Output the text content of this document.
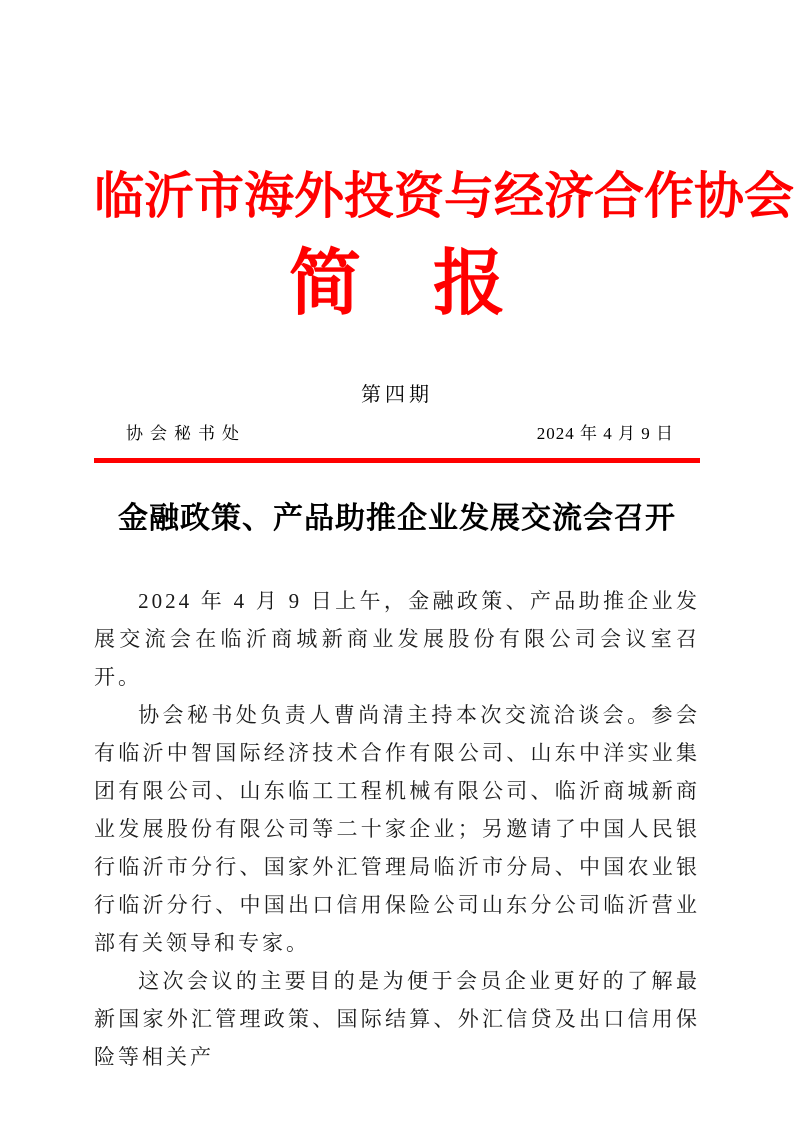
临沂市海外投资与经济合作协会
简　报
第四期
协会秘书处	2024 年 4 月 9 日
金融政策、产品助推企业发展交流会召开

2024 年 4 月 9 日上午，金融政策、产品助推企业发展交流会在临沂商城新商业发展股份有限公司会议室召开。

协会秘书处负责人曹尚清主持本次交流洽谈会。参会有临沂中智国际经济技术合作有限公司、山东中洋实业集团有限公司、山东临工工程机械有限公司、临沂商城新商业发展股份有限公司等二十家企业；另邀请了中国人民银行临沂市分行、国家外汇管理局临沂市分局、中国农业银行临沂分行、中国出口信用保险公司山东分公司临沂营业部有关领导和专家。

这次会议的主要目的是为便于会员企业更好的了解最新国家外汇管理政策、国际结算、外汇信贷及出口信用保险等相关产
